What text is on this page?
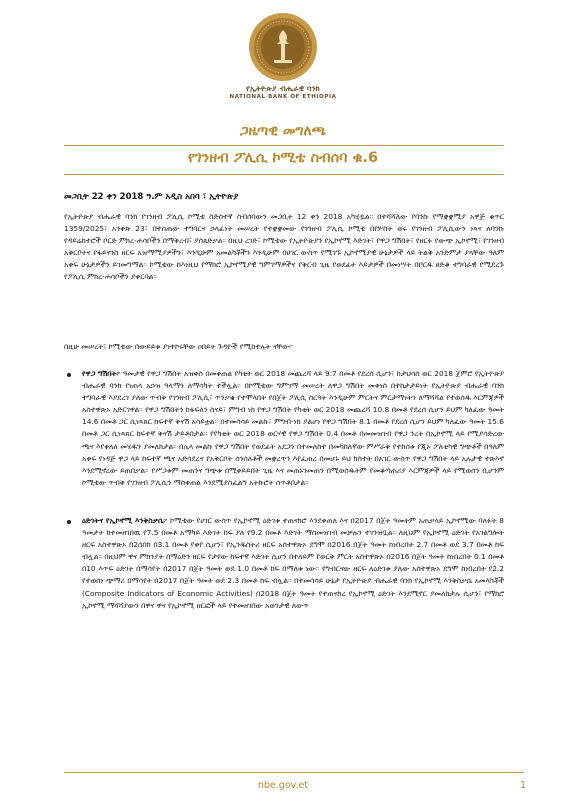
የኢትዮጵያ ብሔራዊ ባንክ
NATIONAL BANK OF ETHIOPIA
ጋዜጣዊ መግለጫ
የገንዘብ ፖሊሲ ኮሚቴ ስብሰባ ቁ.6
መጋቢት 22 ቀን 2018 ዓ.ም አዲስ አበባ ፣ ኢትዮጵያ
የኢትዮጵያ ብሔራዊ ባንክ የገንዘብ ፖሊሲ ኮሚቴ ስድስተኛ ስብሰባውን መጋቢት 12 ቀን 2018 አካሂዷል። በተሻሻለው የባንኩ የማቋቋሚያ አዋጅ ቁጥር 1359/2025፣ አንቀጽ 23፣ በተሰጠው ተግባርና ኃላፊነት መሠረት የተቋቋመው የገንዘብ ፖሊሲ ኮሚቴ በየሦስት ወሩ የገንዘብ ፖሊሲውን ነጻና ለባንኩ የዳይሬክተሮች ቦርድ ምክረ-ሐሳቦችን በማቅረብ፣ ያስጸድቃል። በዚህ ረገድ፣ ኮሚቴው የኢትዮጵያን የኢኮኖሚ እድገት፣ የዋጋ ግሽበት፣ የዘርፉ የውጭ ኢኮኖሚ፣ የገንዘብ አቅርቦትና የፋይናንስ ዘርፍ አዝማሚያዎችን፣ እንዲሁም አመልካቾችን እንዲሁም በሀገር ውስጥ የሚገኙ ኢኮኖሚያዊ ሁኔታዎች ላይ ትልቅ አንድምታ ያላቸው ዓለም አቀፍ ሁኔታዎችን ይገመግማል። ኮሚቴው ከእነዚህ የማክሮ ኢኮኖሚያዊ ግምገማዎችና የቅርብ ጊዜ የወደፊት እይታዎች በመነሣት በቦርዱ ፀድቆ ተግባራዊ የሚደረጉ የፖሊሲ ምክረ-ሐሳቦችን ያቀርባል።
በዚሁ መሠረት፣ ኮሚቴው በውይይቱ ያነተኮሩቸው ዐበይት ጉዳዮች የሚከተሉት ናቸው፦
የዋጋ ግሽበት፦ ዓመታዊ የዋጋ ግሽበት አዝቀስ በመቀጠል የካቲት ወር 2018 መጨረሻ ላይ 9.7 በመቶ የደረሰ ሲሆን፣ ከታህሳስ ወር 2018 ጀምሮ የኢትዮጵያ ብሔራዊ ባንክ የነጠላ አኃዝ ዓላማን ለማሳካት ተችሏል። በኮሚቴው ግምገማ መሠረት ለዋጋ ግሽበት መቀነስ በተከታታይነት የኢትዮጵያ ብሔራዊ ባንክ ተግባራዊ እያደረገ ያለው ጥብቅ የገንዘብ ፖሊሲ፣ ጥንቃቄ የተሞላበት የበጀት ፖሊሲ ስርዓት እንዲሁም ምርትና ምርታማነትን ለማሻሻል የተወሰዱ እርምጃዎች አስተዋጽኦ አድርገዋል። የዋጋ ግሽበትን ከፋፍለን ስናይ፣ ምግብ ነክ የዋጋ ግሽበት የካቲት ወር 2018 መጨረሻ 10.8 በመቶ የደረሰ ሲሆን ይህም ካለፈው ዓመት 14.6 በመቶ ጋር ሲነጻጸር ከፍተኛ ቅናሽ አሳይቷል። በተመሳሳይ መልኩ፣ ምግብ-ነክ ያልሆነ የዋጋ ግሽበት 8.1 በመቶ የደረሰ ሲሆን ይህም ካለፈው ዓመት 15.6 በመቶ ጋር ሲነጻጸር ከፍተኛ ቅናሽ ታይቶበታል። የየካቲት ወር 2018 ወርሃዊ የዋጋ ግሽበት 0.4 በመቶ በመመዝገብ የዋጋ ንረት በኢኮኖሚ ላይ የሚያሳድረው ጫና እየቀለለ መሄዱን ያመለክታል። በሌላ መልኩ የዋጋ ግሽበት የወደፊት አደጋን በተመለከተ በመካከለኛው ምሥራቅ የተከሰቱ የጂኦ ፖለቲካዊ ግጭቶች በዓለም አቀፍ የነዳጅ ዋጋ ላይ ከፍተኛ ጫና አድሳደረና የአቅርቦት ሰንሰለቶች መቋረጥን እየፈጠረ በመሆኑ ይህ ክስተት በአገር ውስጥ የዋጋ ግሽበት ላይ አሉታዊ ተጽእኖ እንደሚኖረው ይጠበቃል። የሥጋቱም መጠንና ግጭቱ በሚቀይይበት ጊዜ እና መጠኑንመጠን በሚወሰዱትም የመቆጣጠሪያ እርምጃዎች ላይ የሚወሰን ቢሆንም ኮሚቴው ጥብቅ የገንዘብ ፖሊሲን ማስቀጠል እንደሚያስፈልግ አትኩሮት ሰጥቶበታል።
ዕድገትና የኢኮኖሚ እንቅስቃሴ፦ ኮሚቴው የሀገር ውስጥ የኢኮኖሚ ዕድገቱ ተጠናክሮ እንደቀጠለ እና በ2017 በጀት ዓመትም አጠቃላይ ኢኮኖሚው ባለፉት 8 ዓመታት ከተመዘገበዉ የ7.5 በመቶ አማካይ እድገት ከፍ ያለ የ9.2 በመቶ እድገት ማስመዝገብ መቻሉን ተገንዝቧል። ለዚህም የኢኮኖሚ ዕድገት የአገልግሎት ዘርፍ አስተዋጽኦ በ2ሰበክ በ3.1 በመቶ የቀየ ሲሆን፣ የኢንዱስትሪ ዘርፍ አስተዋጽኦ ደግሞ በ2016 በጀት ዓመት ከነበረበት 2.7 በመቶ ወደ 3.7 በመቶ ከፍ ብሏል። በዚህም ዋና ምክንያት በማዕድን ዘርፍ የታየው ከፍተኛ እድገት ሲሆን በተለይም የወርቅ ምርት አስተዋጽኦ በ2016 በጀት ዓመት ከነበረበት 0.1 በመቶ በ10 እጥፍ ዕድገት በማሳየት በ2017 በጀት ዓመት ወደ 1.0 በመቶ ከፍ በማለቱ ነው። የግብርናው ዘርፍ ለዕድገቱ ያለው አስተዋጽኦ ደግሞ ከነበረበት የ2.2 የተወሰነ ጭማሪ በማሳየት በ2017 በጀት ዓመት ወደ 2.3 በመቶ ከፍ ብሏል። በተመሳሳይ ሁኔታ የኢትዮጵያ ብሔራዊ ባንክ የኢኮኖሚ እንቅስቃሴ አመላካቾች (Composite Indicators of Economic Activities) በ2018 በጀት ዓመት የተጠናከረ የኢኮኖሚ ዕድገት እንደሚኖር ያመለክታሉ ሲሆን፣ የማክሮ ኢኮኖሚ ማሻሻያውን በዋና ዋና የኢኮኖሚ ዘርፎች ላይ የተመዘገበው አወንታዊ ለውጥ
nbe.gov.et	1
